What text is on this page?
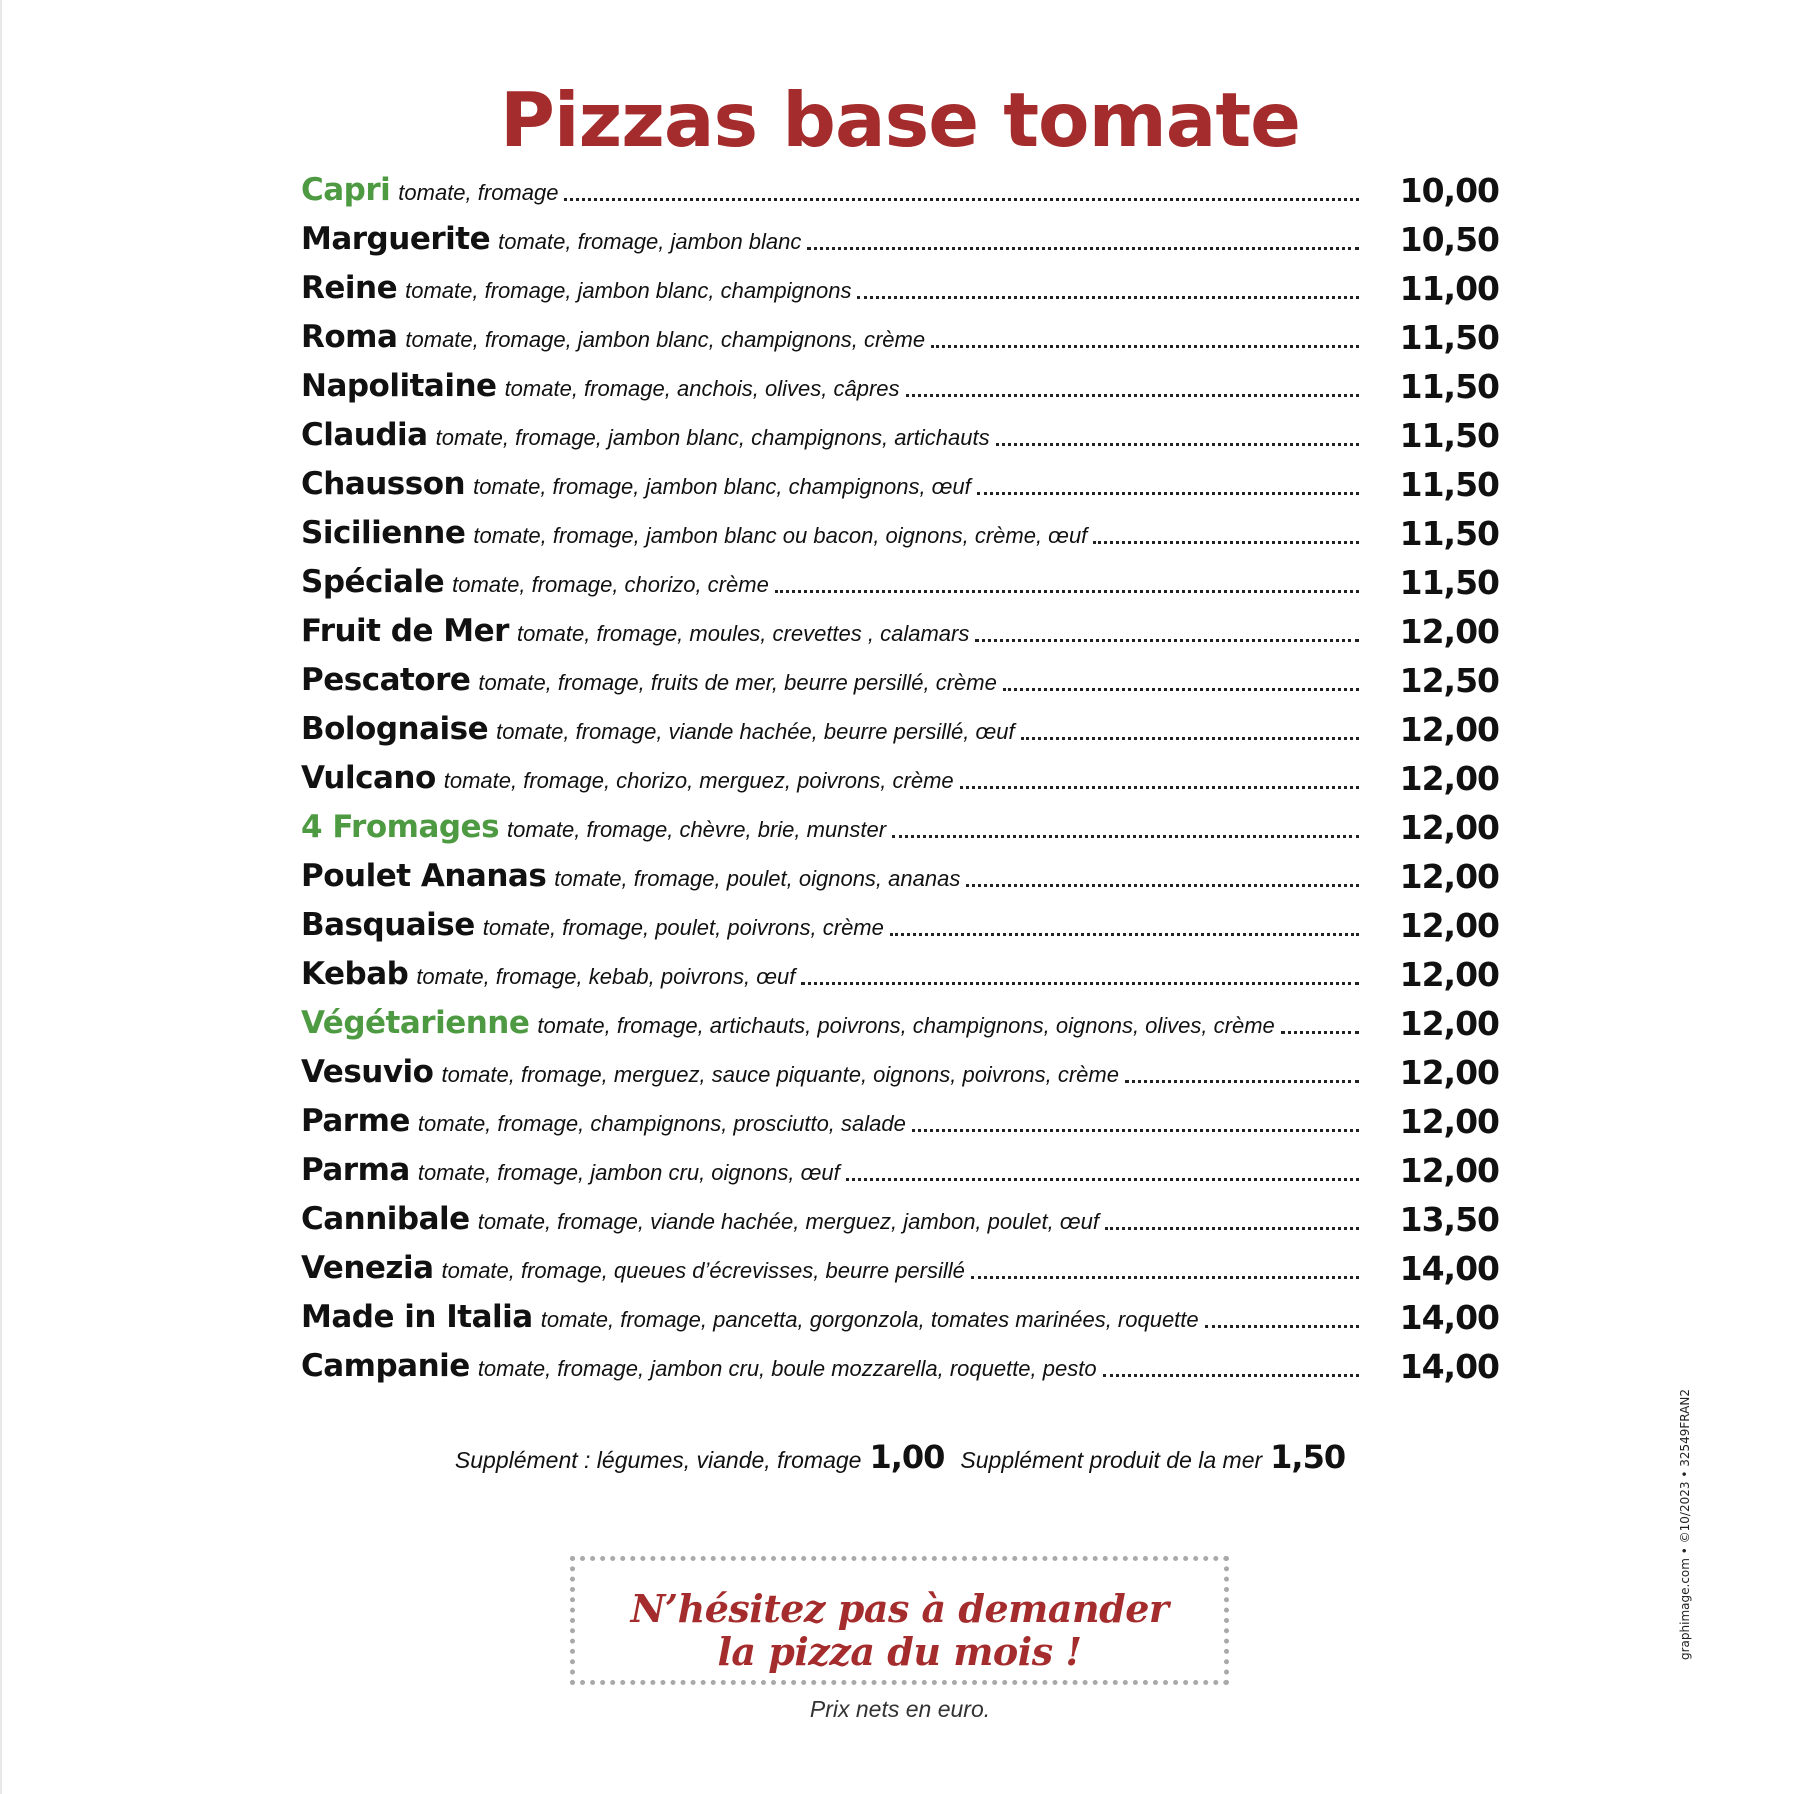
Pizzas base tomate
Capri tomate, fromage	10,00
Marguerite tomate, fromage, jambon blanc	10,50
Reine tomate, fromage, jambon blanc, champignons	11,00
Roma tomate, fromage, jambon blanc, champignons, crème	11,50
Napolitaine tomate, fromage, anchois, olives, câpres	11,50
Claudia tomate, fromage, jambon blanc, champignons, artichauts	11,50
Chausson tomate, fromage, jambon blanc, champignons, œuf	11,50
Sicilienne tomate, fromage, jambon blanc ou bacon, oignons, crème, œuf	11,50
Spéciale tomate, fromage, chorizo, crème	11,50
Fruit de Mer tomate, fromage, moules, crevettes , calamars	12,00
Pescatore tomate, fromage, fruits de mer, beurre persillé, crème	12,50
Bolognaise tomate, fromage, viande hachée, beurre persillé, œuf	12,00
Vulcano tomate, fromage, chorizo, merguez, poivrons, crème	12,00
4 Fromages tomate, fromage, chèvre, brie, munster	12,00
Poulet Ananas tomate, fromage, poulet, oignons, ananas	12,00
Basquaise tomate, fromage, poulet, poivrons, crème	12,00
Kebab tomate, fromage, kebab, poivrons, œuf	12,00
Végétarienne tomate, fromage, artichauts, poivrons, champignons, oignons, olives, crème	12,00
Vesuvio tomate, fromage, merguez, sauce piquante, oignons, poivrons, crème	12,00
Parme tomate, fromage, champignons, prosciutto, salade	12,00
Parma tomate, fromage, jambon cru, oignons, œuf	12,00
Cannibale tomate, fromage, viande hachée, merguez, jambon, poulet, œuf	13,50
Venezia tomate, fromage, queues d’écrevisses, beurre persillé	14,00
Made in Italia tomate, fromage, pancetta, gorgonzola, tomates marinées, roquette	14,00
Campanie tomate, fromage, jambon cru, boule mozzarella, roquette, pesto	14,00
Supplément : légumes, viande, fromage 1,00 Supplément produit de la mer 1,50
N’hésitez pas à demander
la pizza du mois !
Prix nets en euro.
graphimage.com • ©10/2023 • 32549FRAN2
